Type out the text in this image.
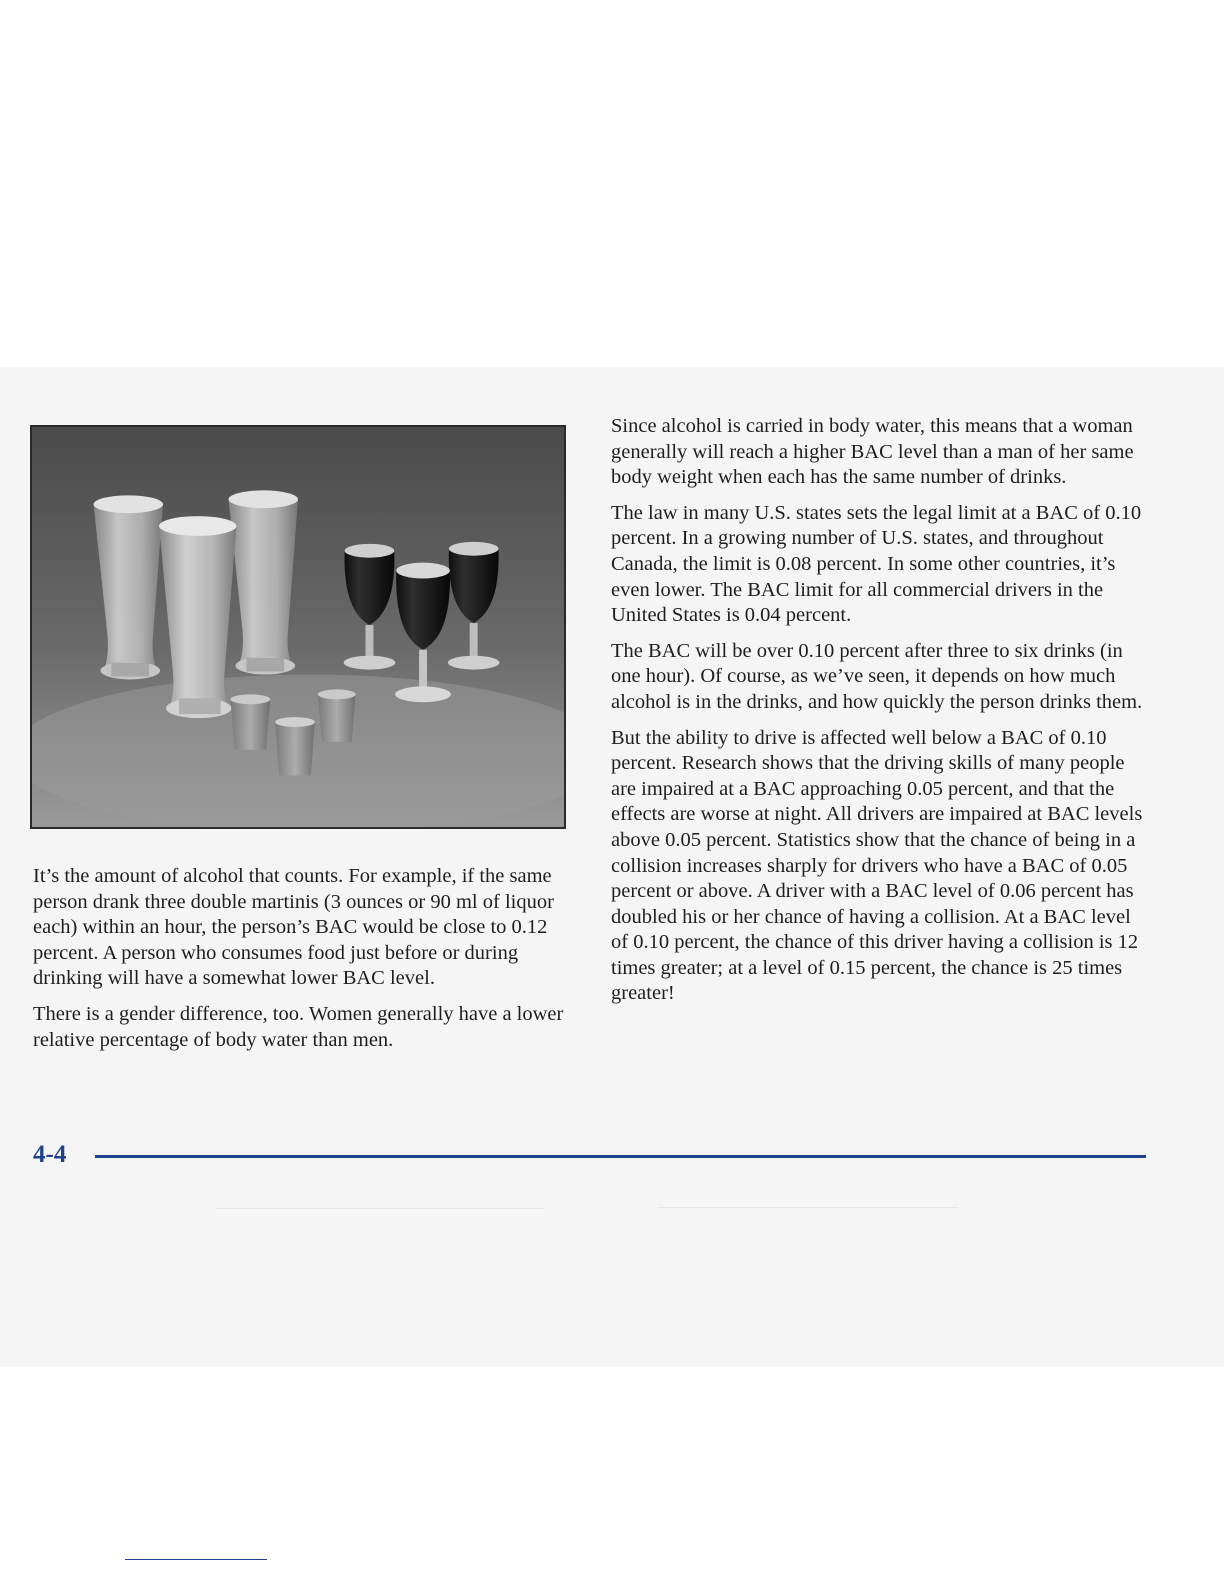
It’s the amount of alcohol that counts. For example, if the same person drank three double martinis (3 ounces or 90 ml of liquor each) within an hour, the person’s BAC would be close to 0.12 percent. A person who consumes food just before or during drinking will have a somewhat lower BAC level.

There is a gender difference, too. Women generally have a lower relative percentage of body water than men.

Since alcohol is carried in body water, this means that a woman generally will reach a higher BAC level than a man of her same body weight when each has the same number of drinks.

The law in many U.S. states sets the legal limit at a BAC of 0.10 percent. In a growing number of U.S. states, and throughout Canada, the limit is 0.08 percent. In some other countries, it’s even lower. The BAC limit for all commercial drivers in the United States is 0.04 percent.

The BAC will be over 0.10 percent after three to six drinks (in one hour). Of course, as we’ve seen, it depends on how much alcohol is in the drinks, and how quickly the person drinks them.

But the ability to drive is affected well below a BAC of 0.10 percent. Research shows that the driving skills of many people are impaired at a BAC approaching 0.05 percent, and that the effects are worse at night. All drivers are impaired at BAC levels above 0.05 percent. Statistics show that the chance of being in a collision increases sharply for drivers who have a BAC of 0.05 percent or above. A driver with a BAC level of 0.06 percent has doubled his or her chance of having a collision. At a BAC level of 0.10 percent, the chance of this driver having a collision is 12 times greater; at a level of 0.15 percent, the chance is 25 times greater!

4-4
